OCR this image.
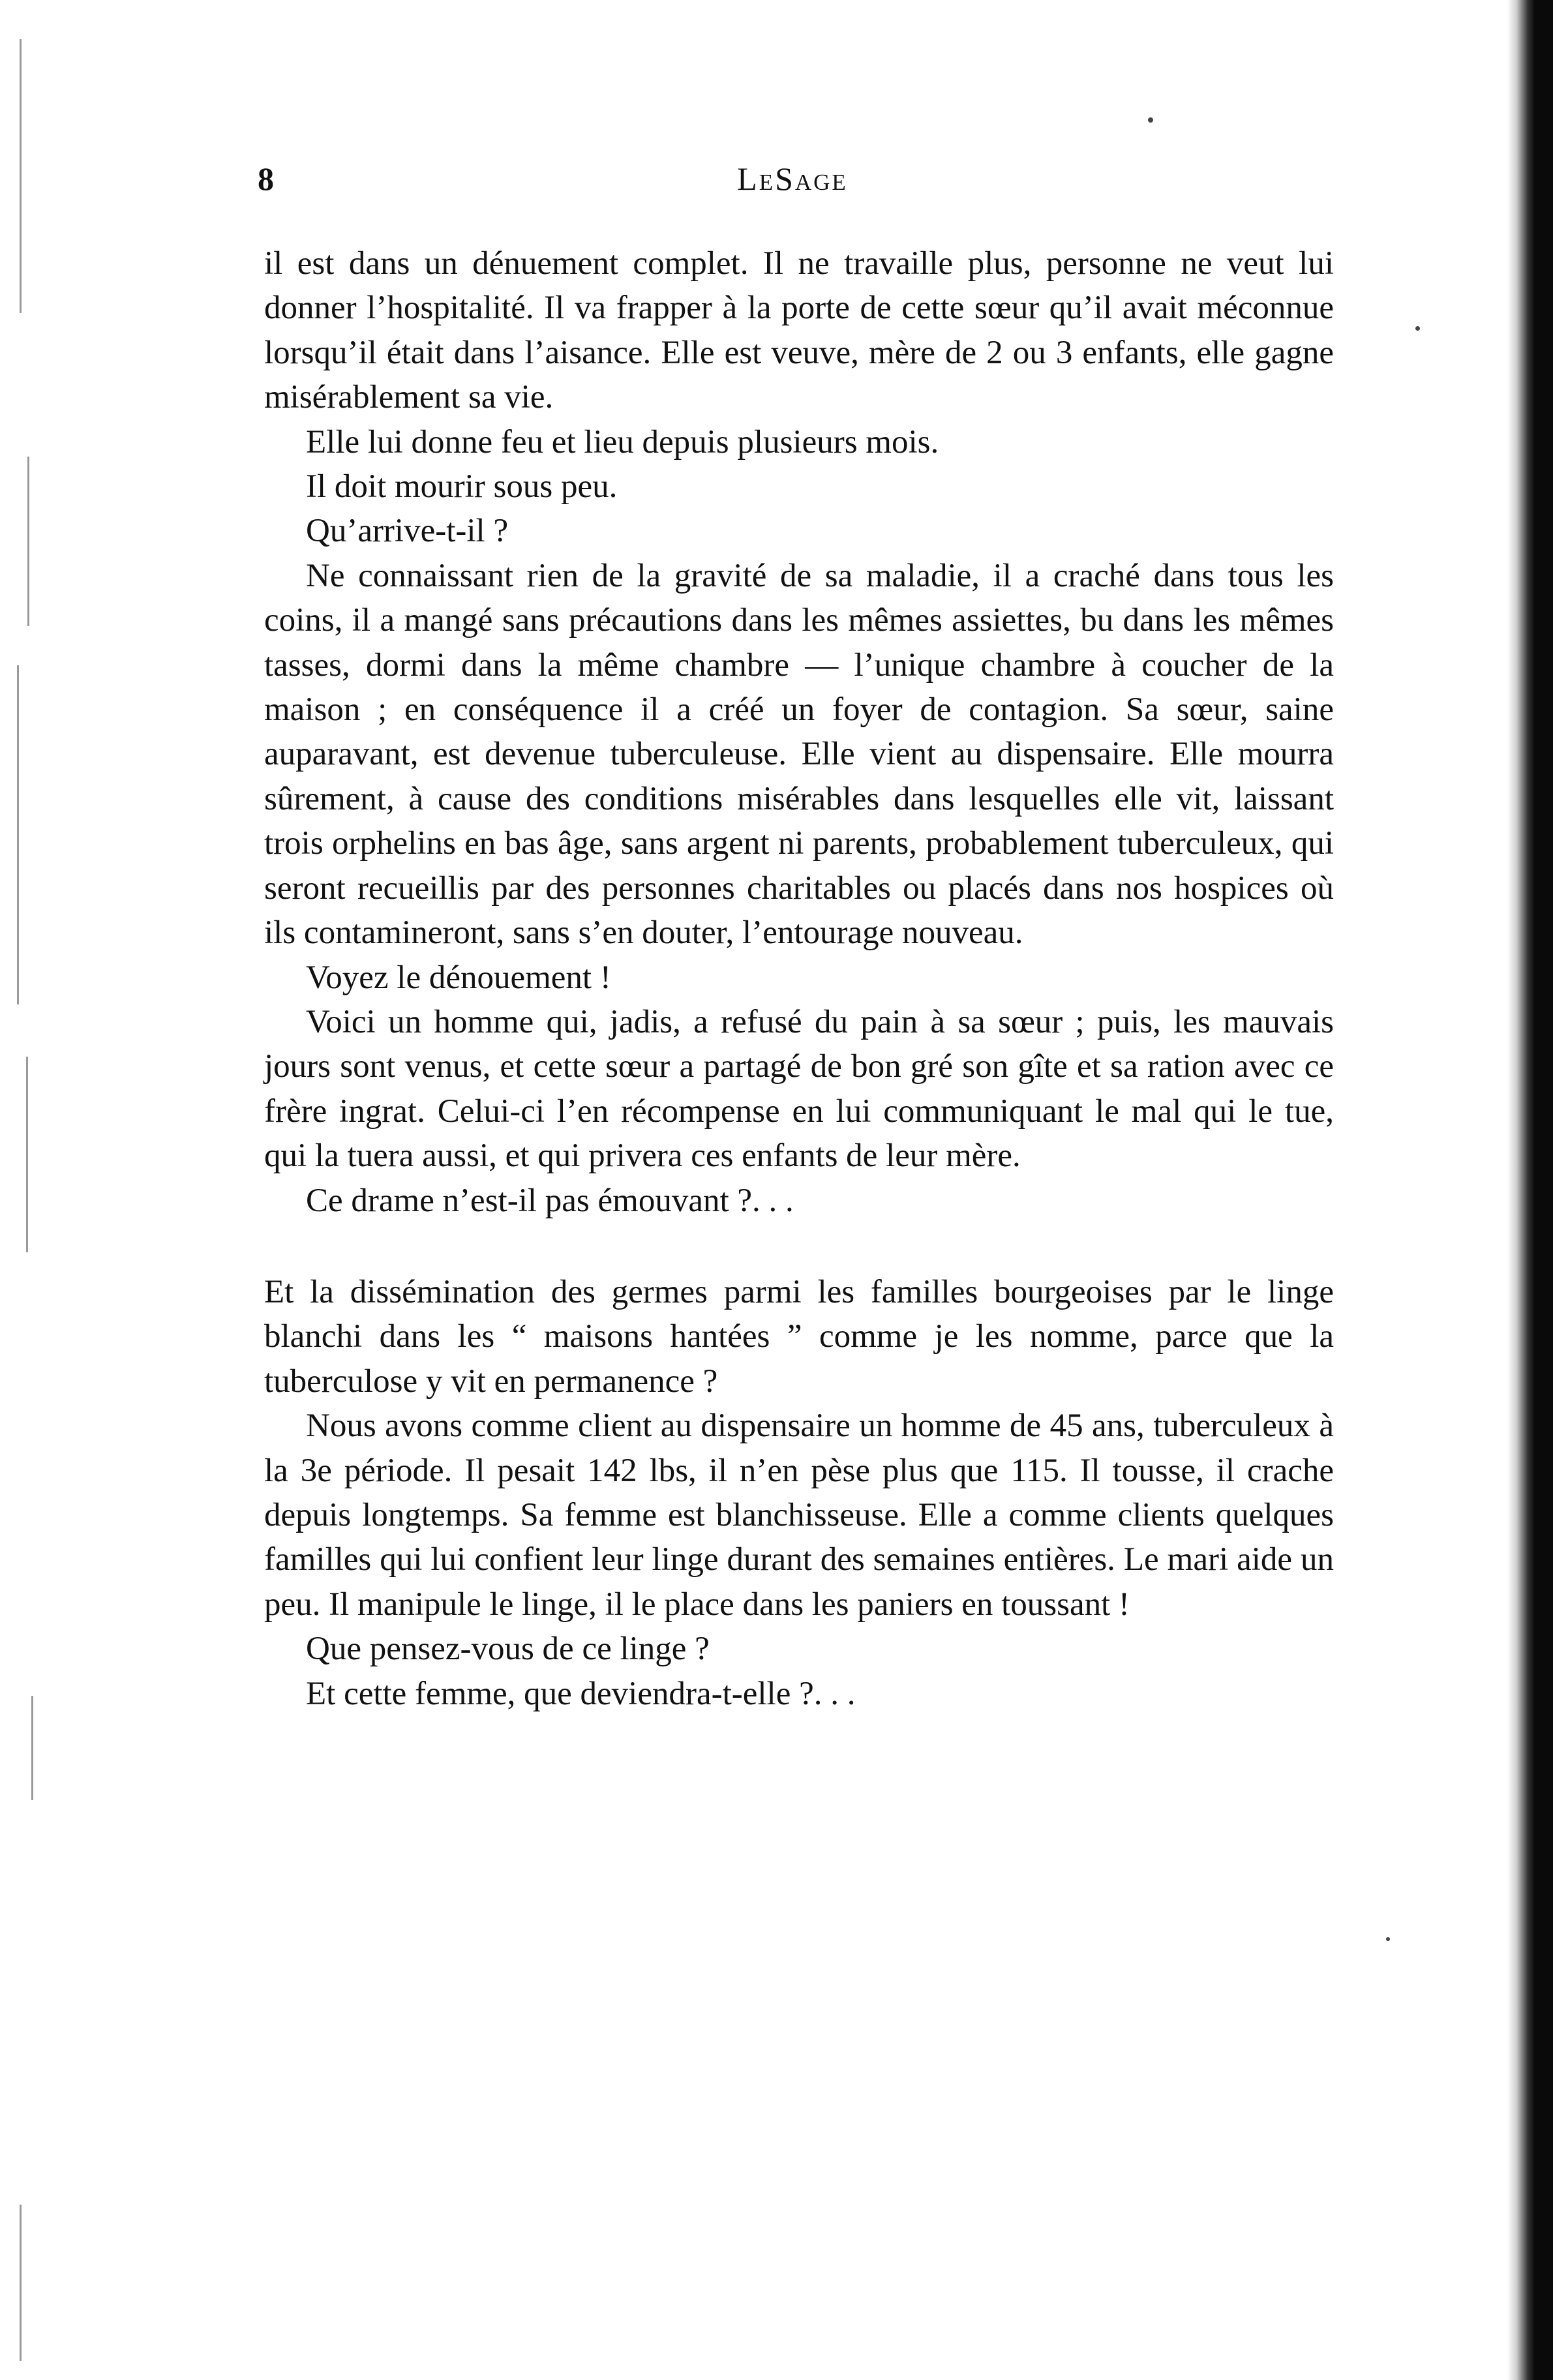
8	LeSage

il est dans un dénuement complet. Il ne travaille plus, personne ne veut lui donner l’hospitalité. Il va frapper à la porte de cette sœur qu’il avait méconnue lorsqu’il était dans l’aisance. Elle est veuve, mère de 2 ou 3 enfants, elle gagne misérablement sa vie.

Elle lui donne feu et lieu depuis plusieurs mois.

Il doit mourir sous peu.

Qu’arrive-t-il ?

Ne connaissant rien de la gravité de sa maladie, il a craché dans tous les coins, il a mangé sans précautions dans les mêmes assiettes, bu dans les mêmes tasses, dormi dans la même chambre — l’unique chambre à coucher de la maison ; en conséquence il a créé un foyer de contagion. Sa sœur, saine auparavant, est devenue tuberculeuse. Elle vient au dispensaire. Elle mourra sûrement, à cause des conditions misérables dans lesquelles elle vit, laissant trois orphelins en bas âge, sans argent ni parents, probablement tuberculeux, qui seront recueillis par des personnes charitables ou placés dans nos hospices où ils contamineront, sans s’en douter, l’entourage nouveau.

Voyez le dénouement !

Voici un homme qui, jadis, a refusé du pain à sa sœur ; puis, les mauvais jours sont venus, et cette sœur a partagé de bon gré son gîte et sa ration avec ce frère ingrat. Celui-ci l’en récompense en lui communiquant le mal qui le tue, qui la tuera aussi, et qui privera ces enfants de leur mère.

Ce drame n’est-il pas émouvant ?. . .

Et la dissémination des germes parmi les familles bourgeoises par le linge blanchi dans les “ maisons hantées ” comme je les nomme, parce que la tuberculose y vit en permanence ?

Nous avons comme client au dispensaire un homme de 45 ans, tuberculeux à la 3e période. Il pesait 142 lbs, il n’en pèse plus que 115. Il tousse, il crache depuis longtemps. Sa femme est blanchisseuse. Elle a comme clients quelques familles qui lui confient leur linge durant des semaines entières. Le mari aide un peu. Il manipule le linge, il le place dans les paniers en toussant !

Que pensez-vous de ce linge ?

Et cette femme, que deviendra-t-elle ?. . .
